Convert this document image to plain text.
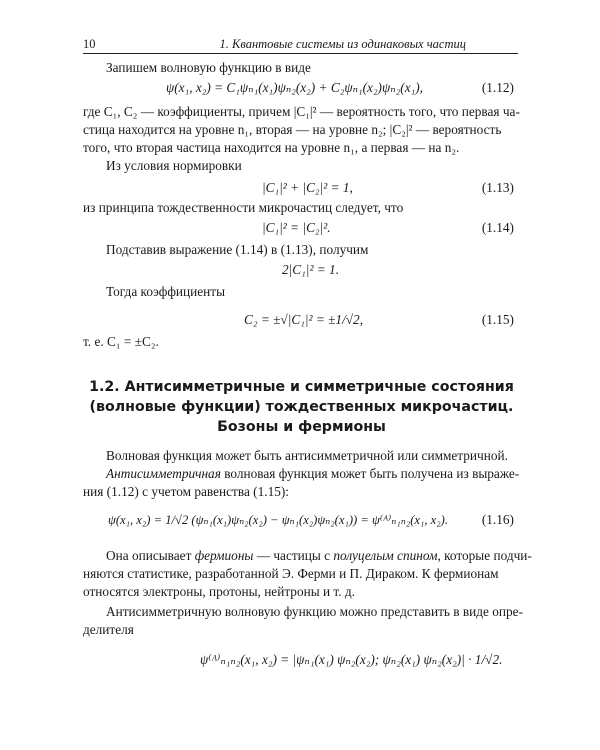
10	1. Квантовые системы из одинаковых частиц
Запишем волновую функцию в виде
ψ(x₁, x₂) = C₁ψₙ₁(x₁)ψₙ₂(x₂) + C₂ψₙ₁(x₂)ψₙ₂(x₁),	(1.12)
где C₁, C₂ — коэффициенты, причем |C₁|² — вероятность того, что первая ча-
стица находится на уровне n₁, вторая — на уровне n₂; |C₂|² — вероятность
того, что вторая частица находится на уровне n₁, а первая — на n₂.
Из условия нормировки
|C₁|² + |C₂|² = 1,	(1.13)
из принципа тождественности микрочастиц следует, что
|C₁|² = |C₂|².	(1.14)
Подставив выражение (1.14) в (1.13), получим
2|C₁|² = 1.
Тогда коэффициенты
C₂ = ±√|C₁|² = ±1/√2,	(1.15)
т. е. C₁ = ±C₂.
1.2. Антисимметричные и симметричные состояния
(волновые функции) тождественных микрочастиц.
Бозоны и фермионы
Волновая функция может быть антисимметричной или симметричной.
Антисимметричная волновая функция может быть получена из выраже-
ния (1.12) с учетом равенства (1.15):
ψ(x₁, x₂) = 1/√2 (ψₙ₁(x₁)ψₙ₂(x₂) − ψₙ₁(x₂)ψₙ₂(x₁)) = ψ⁽ᴬ⁾ₙ₁ₙ₂(x₁, x₂).	(1.16)
Она описывает фермионы — частицы с полуцелым спином, которые подчи-
няются статистике, разработанной Э. Ферми и П. Дираком. К фермионам
относятся электроны, протоны, нейтроны и т. д.
Антисимметричную волновую функцию можно представить в виде опре-
делителя
ψ⁽ᴬ⁾ₙ₁ₙ₂(x₁, x₂) = |ψₙ₁(x₁) ψₙ₂(x₂); ψₙ₂(x₁) ψₙ₂(x₂)| · 1/√2.
